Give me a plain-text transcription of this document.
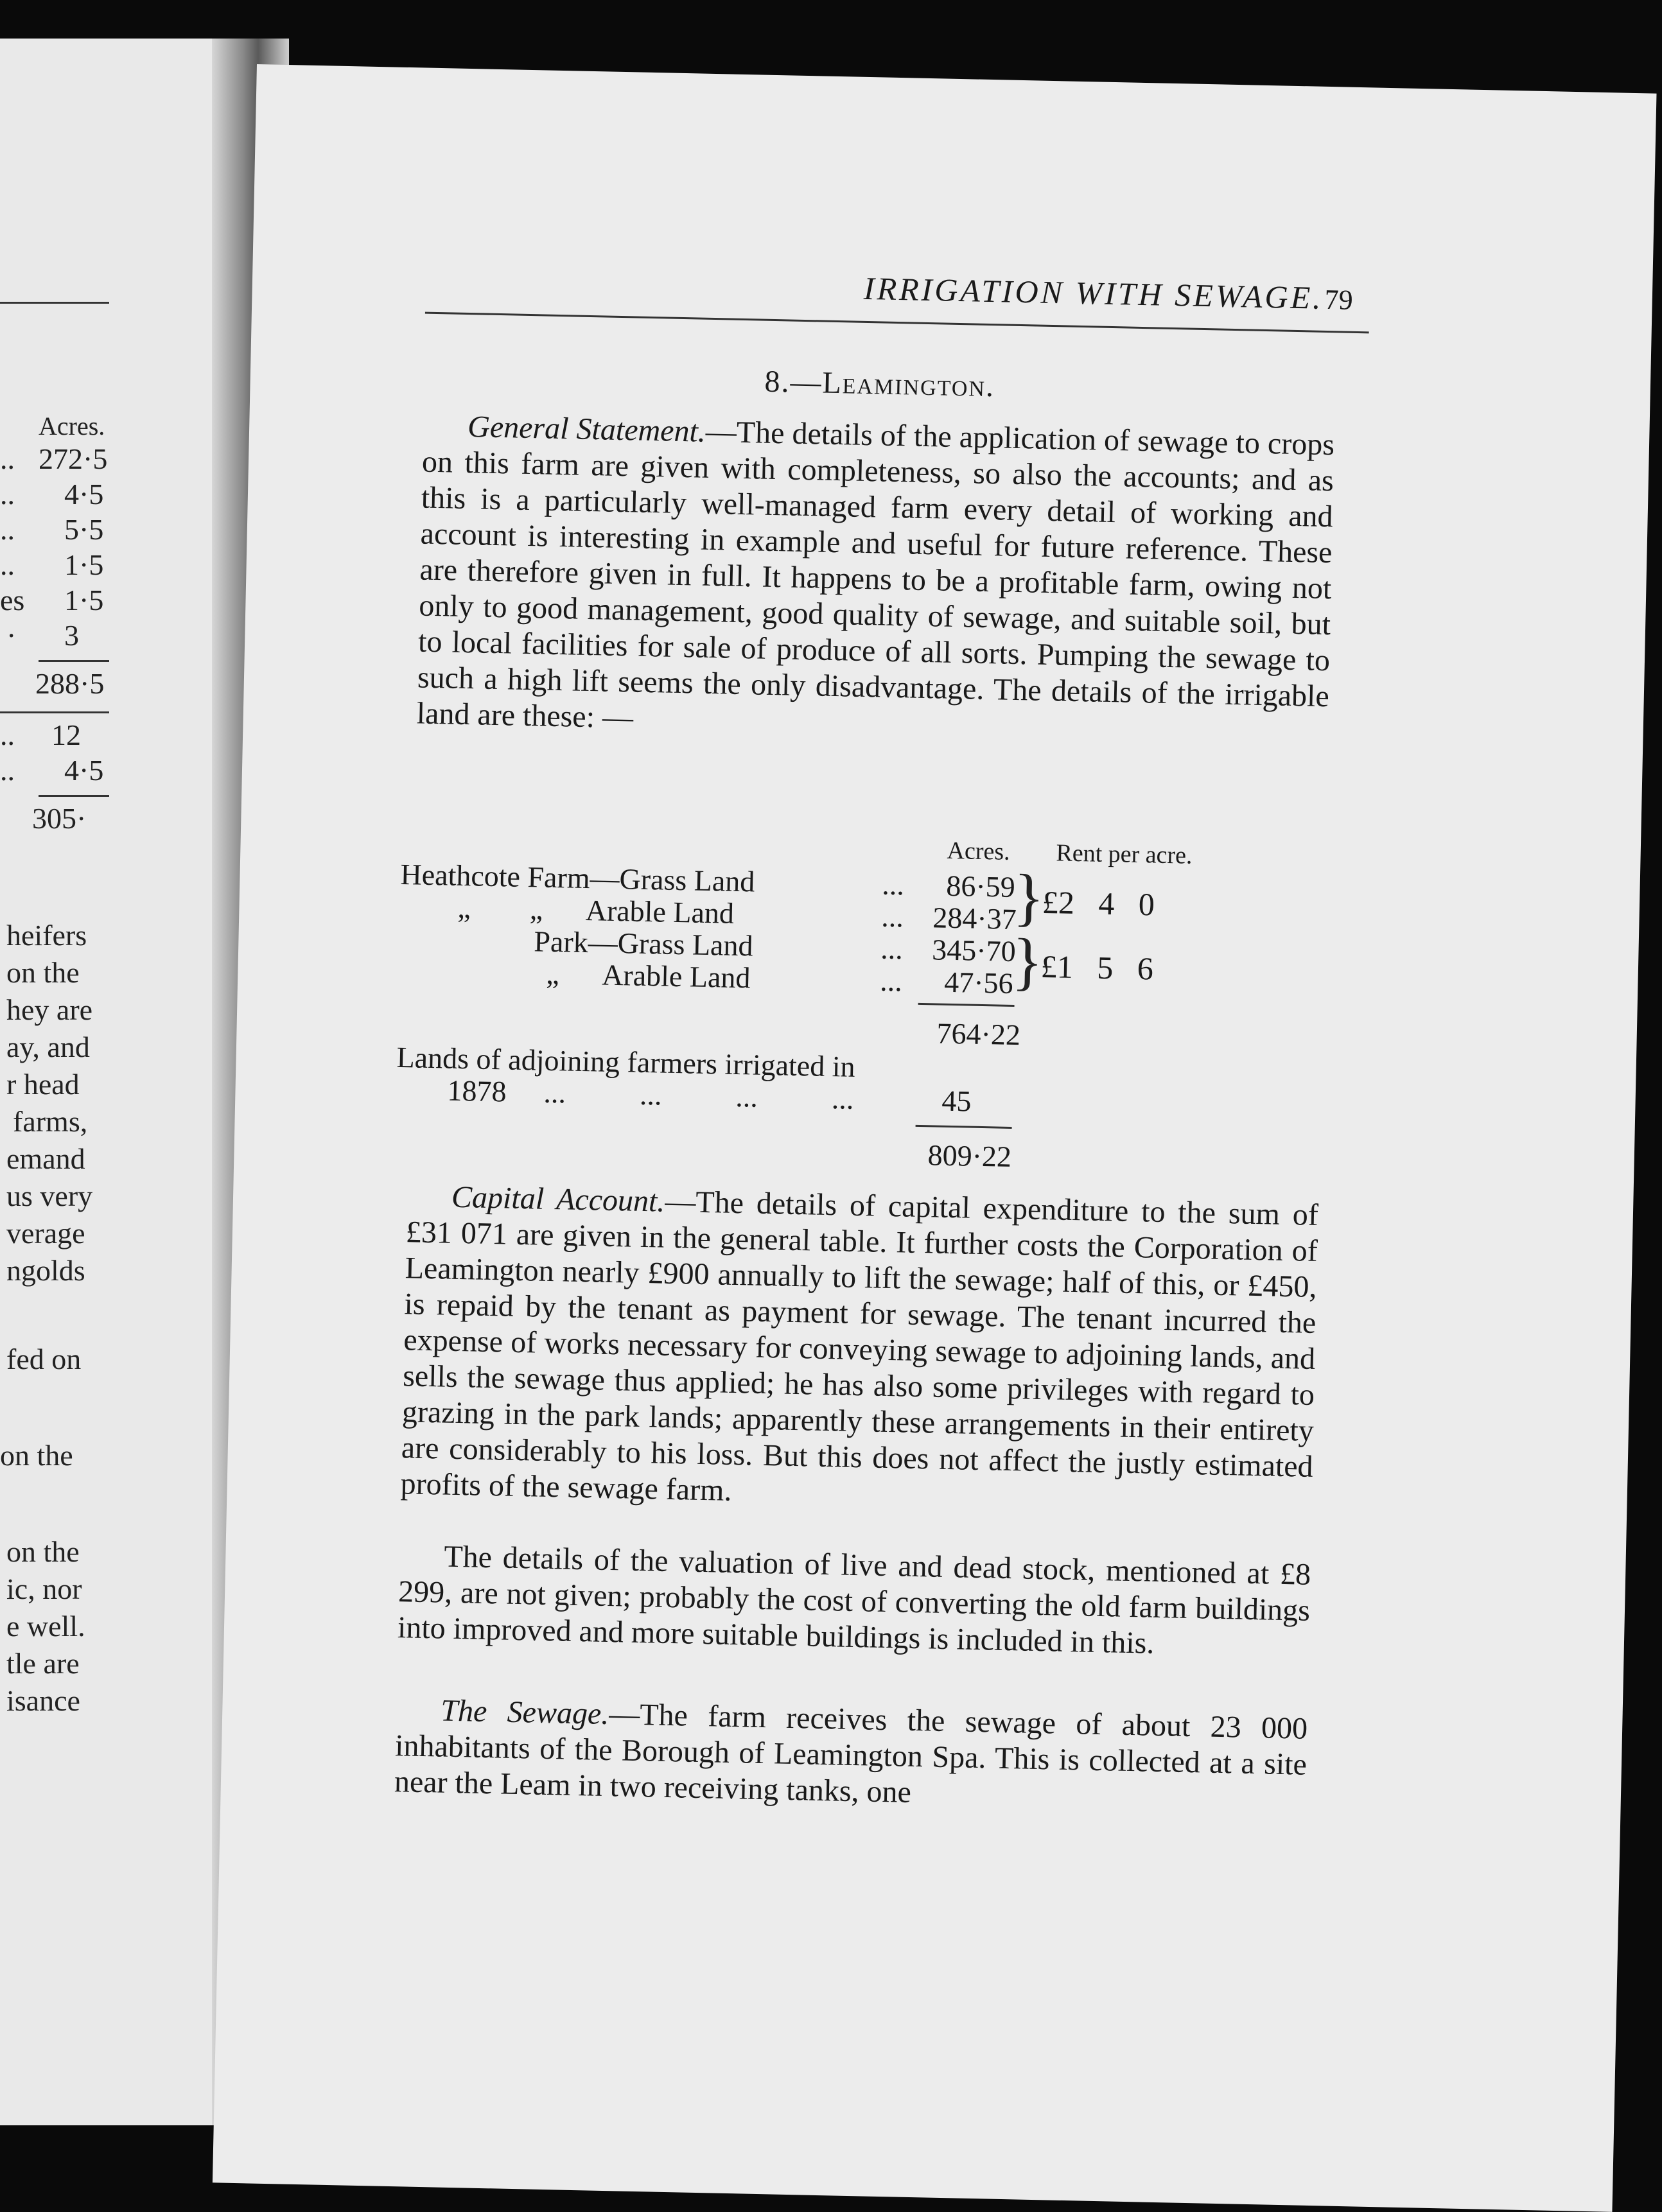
Acres.
.. 272·5
.. 4·5
.. 5·5
.. 1·5
es 1·5
· 3
288·5
.. 12
.. 4·5
305·
heifers
on the
hey are
ay, and
r head
farms,
emand
us very
verage
ngolds
fed on
on the
on the
ic, nor
e well.
tle are
isance
IRRIGATION WITH SEWAGE. 79
8.—Leamington.
General Statement.—The details of the application of sewage to crops on this farm are given with completeness, so also the accounts; and as this is a particularly well-managed farm every detail of working and account is interesting in example and useful for future reference. These are therefore given in full. It happens to be a profitable farm, owing not only to good management, good quality of sewage, and suitable soil, but to local facilities for sale of produce of all sorts. Pumping the sewage to such a high lift seems the only disadvantage. The details of the irrigable land are these: —
Acres. Rent per acre.
Heathcote Farm—Grass Land	... 86·59
„        „      Arable Land	... 284·37
}
£2   4   0
Park—Grass Land	... 345·70
„      Arable Land	... 47·56
}
£1   5   6
764·22
Lands of adjoining farmers irrigated in
1878 ...          ...          ...          ...	45
809·22
Capital Account.—The details of capital expenditure to the sum of £31 071 are given in the general table. It further costs the Corporation of Leamington nearly £900 annually to lift the sewage; half of this, or £450, is repaid by the tenant as payment for sewage. The tenant incurred the expense of works necessary for conveying sewage to adjoining lands, and sells the sewage thus applied; he has also some privileges with regard to grazing in the park lands; apparently these arrangements in their entirety are considerably to his loss. But this does not affect the justly estimated profits of the sewage farm.
The details of the valuation of live and dead stock, mentioned at £8 299, are not given; probably the cost of converting the old farm buildings into improved and more suitable buildings is included in this.
The Sewage.—The farm receives the sewage of about 23 000 inhabitants of the Borough of Leamington Spa. This is collected at a site near the Leam in two receiving tanks, one
